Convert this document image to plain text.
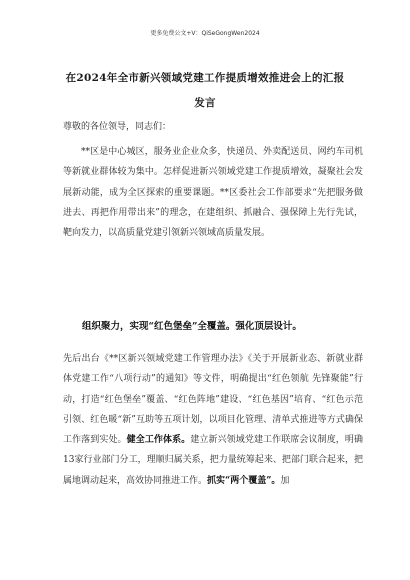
更多免费公文+V：QiSeGongWen2024
在2024年全市新兴领域党建工作提质增效推进会上的汇报
发言
尊敬的各位领导，同志们：

**区是中心城区，服务业企业众多，快递员、外卖配送员、网约车司机等新就业群体较为集中。怎样促进新兴领域党建工作提质增效，凝聚社会发展新动能，成为全区探索的重要课题。**区委社会工作部要求“先把服务做进去、再把作用带出来”的理念，在建组织、抓融合、强保障上先行先试，靶向发力，以高质量党建引领新兴领域高质量发展。

组织聚力，实现“红色堡垒”全覆盖。强化顶层设计。

先后出台《**区新兴领域党建工作管理办法》《关于开展新业态、新就业群体党建工作“八项行动”的通知》等文件，明确提出“红色领航 先锋聚能”行动，打造“红色堡垒”覆盖、“红色阵地”建设、“红色基因”培育、“红色示范引领、红色暖“新”互助等五项计划，以项目化管理、清单式推进等方式确保工作落到实处。健全工作体系。建立新兴领域党建工作联席会议制度，明确13家行业部门分工，理顺归属关系，把力量统筹起来、把部门联合起来，把属地调动起来，高效协同推进工作。抓实“两个覆盖”。加
